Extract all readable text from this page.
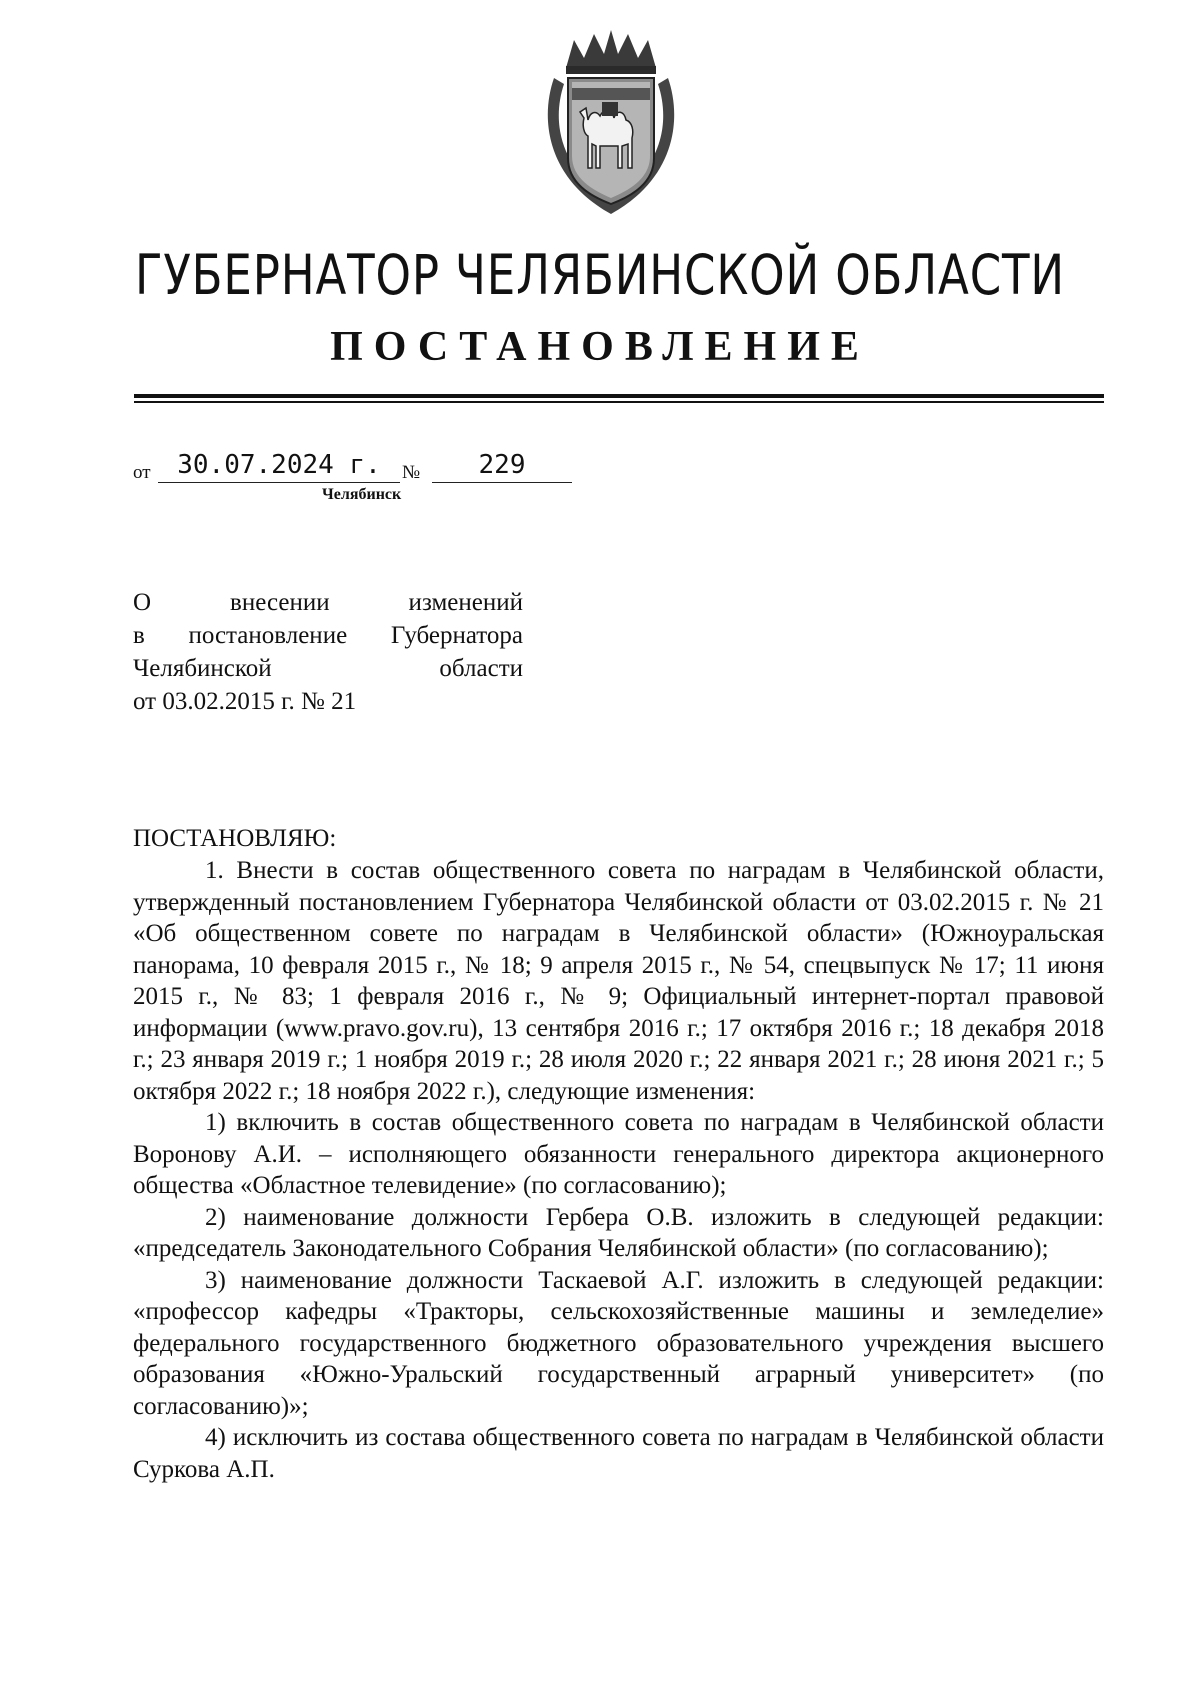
ГУБЕРНАТОР ЧЕЛЯБИНСКОЙ ОБЛАСТИ
ПОСТАНОВЛЕНИЕ
от	30.07.2024 г.	№	229
Челябинск
О внесении изменений
в постановление Губернатора
Челябинской области
от 03.02.2015 г. № 21
ПОСТАНОВЛЯЮ:

1. Внести в состав общественного совета по наградам в Челябинской области, утвержденный постановлением Губернатора Челябинской области от 03.02.2015 г. № 21 «Об общественном совете по наградам в Челябинской области» (Южноуральская панорама, 10 февраля 2015 г., № 18; 9 апреля 2015 г., № 54, спецвыпуск № 17; 11 июня 2015 г., № 83; 1 февраля 2016 г., № 9; Официальный интернет-портал правовой информации (www.pravo.gov.ru), 13 сентября 2016 г.; 17 октября 2016 г.; 18 декабря 2018 г.; 23 января 2019 г.; 1 ноября 2019 г.; 28 июля 2020 г.; 22 января 2021 г.; 28 июня 2021 г.; 5 октября 2022 г.; 18 ноября 2022 г.), следующие изменения:

1) включить в состав общественного совета по наградам в Челябинской области Воронову А.И. – исполняющего обязанности генерального директора акционерного общества «Областное телевидение» (по согласованию);

2) наименование должности Гербера О.В. изложить в следующей редакции: «председатель Законодательного Собрания Челябинской области» (по согласованию);

3) наименование должности Таскаевой А.Г. изложить в следующей редакции: «профессор кафедры «Тракторы, сельскохозяйственные машины и земледелие» федерального государственного бюджетного образовательного учреждения высшего образования «Южно-Уральский государственный аграрный университет» (по согласованию)»;

4) исключить из состава общественного совета по наградам в Челябинской области Суркова А.П.
